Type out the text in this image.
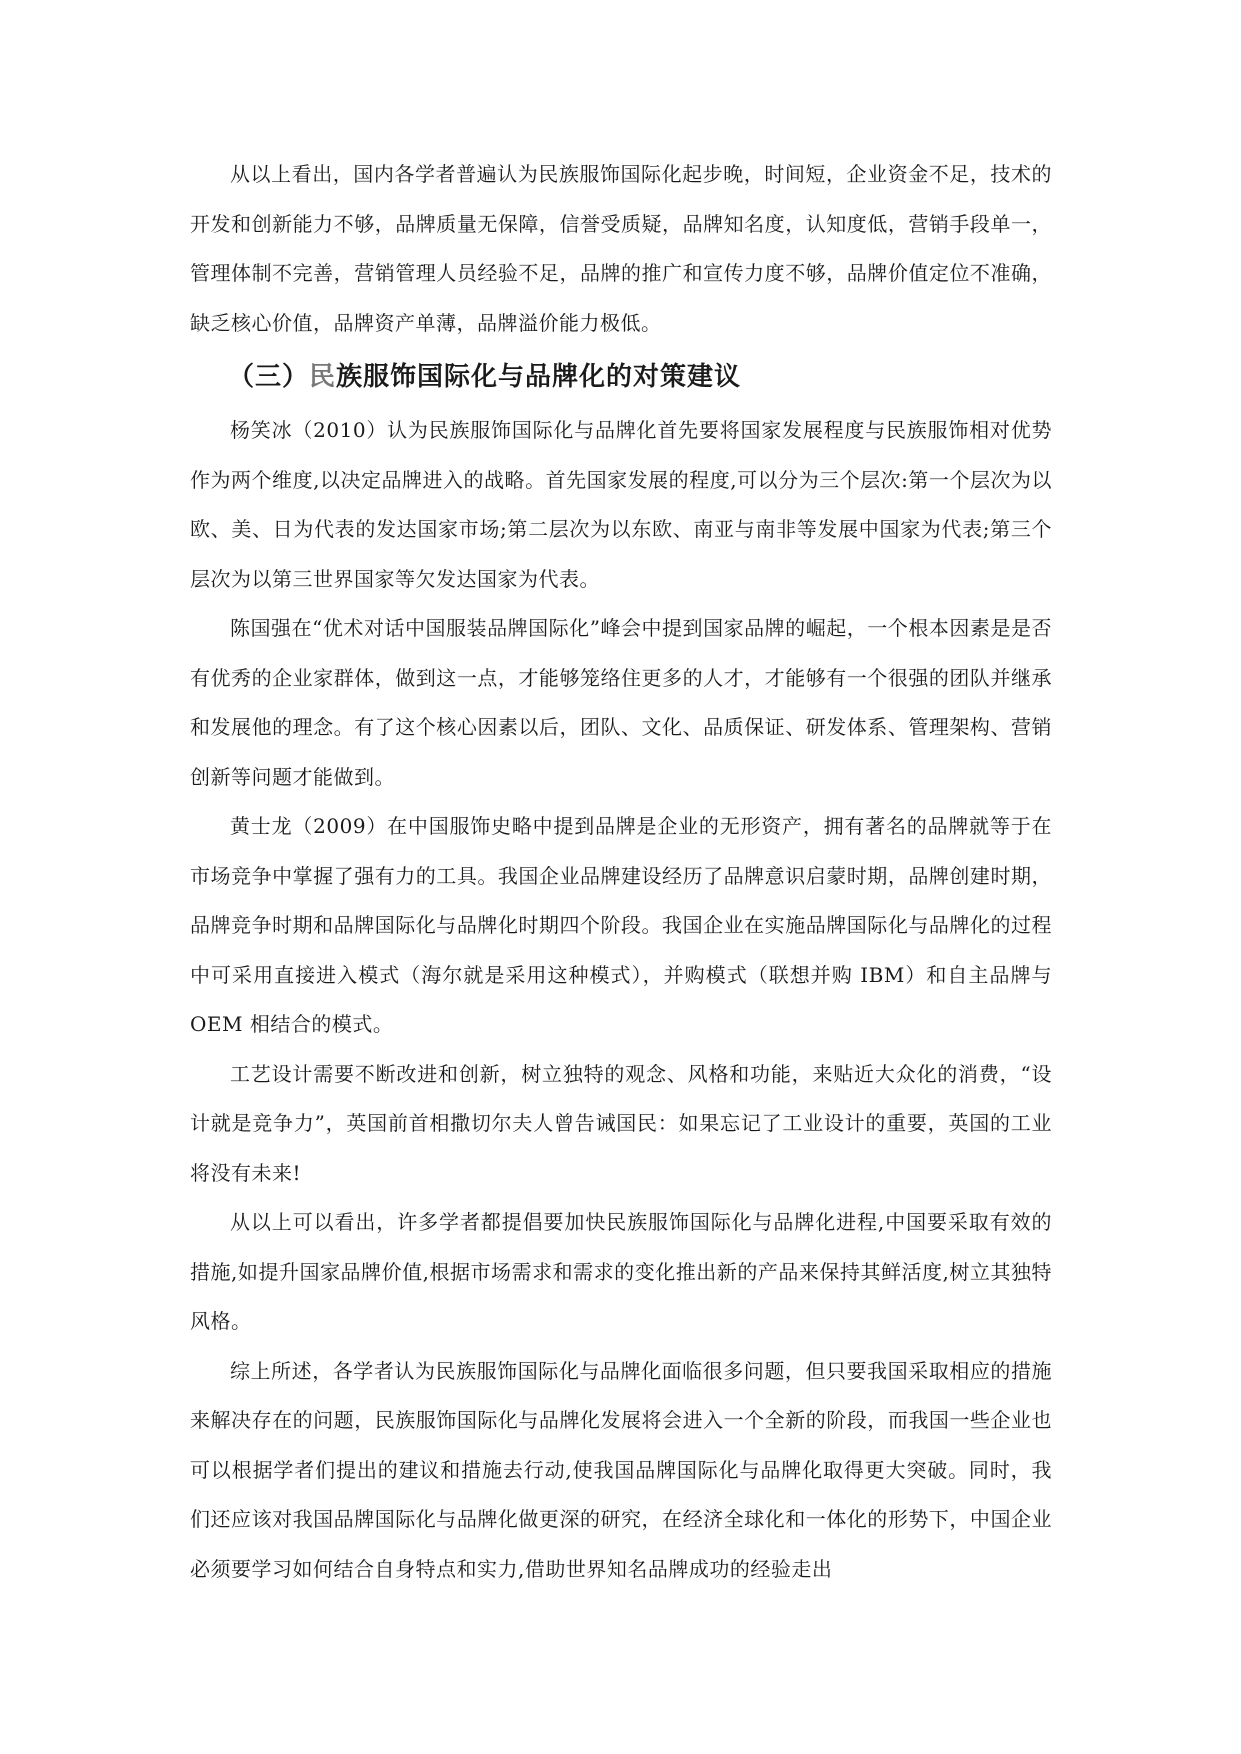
从以上看出，国内各学者普遍认为民族服饰国际化起步晚，时间短，企业资金不足，技术的开发和创新能力不够，品牌质量无保障，信誉受质疑，品牌知名度，认知度低，营销手段单一，管理体制不完善，营销管理人员经验不足，品牌的推广和宣传力度不够，品牌价值定位不准确，缺乏核心价值，品牌资产单薄，品牌溢价能力极低。

（三）民族服饰国际化与品牌化的对策建议

杨笑冰（2010）认为民族服饰国际化与品牌化首先要将国家发展程度与民族服饰相对优势作为两个维度,以决定品牌进入的战略。首先国家发展的程度,可以分为三个层次:第一个层次为以欧、美、日为代表的发达国家市场;第二层次为以东欧、南亚与南非等发展中国家为代表;第三个层次为以第三世界国家等欠发达国家为代表。

陈国强在“优术对话中国服装品牌国际化”峰会中提到国家品牌的崛起，一个根本因素是是否有优秀的企业家群体，做到这一点，才能够笼络住更多的人才，才能够有一个很强的团队并继承和发展他的理念。有了这个核心因素以后，团队、文化、品质保证、研发体系、管理架构、营销创新等问题才能做到。

黄士龙（2009）在中国服饰史略中提到品牌是企业的无形资产，拥有著名的品牌就等于在市场竞争中掌握了强有力的工具。我国企业品牌建设经历了品牌意识启蒙时期，品牌创建时期，品牌竞争时期和品牌国际化与品牌化时期四个阶段。我国企业在实施品牌国际化与品牌化的过程中可采用直接进入模式（海尔就是采用这种模式），并购模式（联想并购 IBM）和自主品牌与 OEM 相结合的模式。

工艺设计需要不断改进和创新，树立独特的观念、风格和功能，来贴近大众化的消费，“设计就是竞争力”，英国前首相撒切尔夫人曾告诫国民：如果忘记了工业设计的重要，英国的工业将没有未来!

从以上可以看出，许多学者都提倡要加快民族服饰国际化与品牌化进程,中国要采取有效的措施,如提升国家品牌价值,根据市场需求和需求的变化推出新的产品来保持其鲜活度,树立其独特风格。

综上所述，各学者认为民族服饰国际化与品牌化面临很多问题，但只要我国采取相应的措施来解决存在的问题，民族服饰国际化与品牌化发展将会进入一个全新的阶段，而我国一些企业也可以根据学者们提出的建议和措施去行动,使我国品牌国际化与品牌化取得更大突破。同时，我们还应该对我国品牌国际化与品牌化做更深的研究，在经济全球化和一体化的形势下，中国企业必须要学习如何结合自身特点和实力,借助世界知名品牌成功的经验走出
